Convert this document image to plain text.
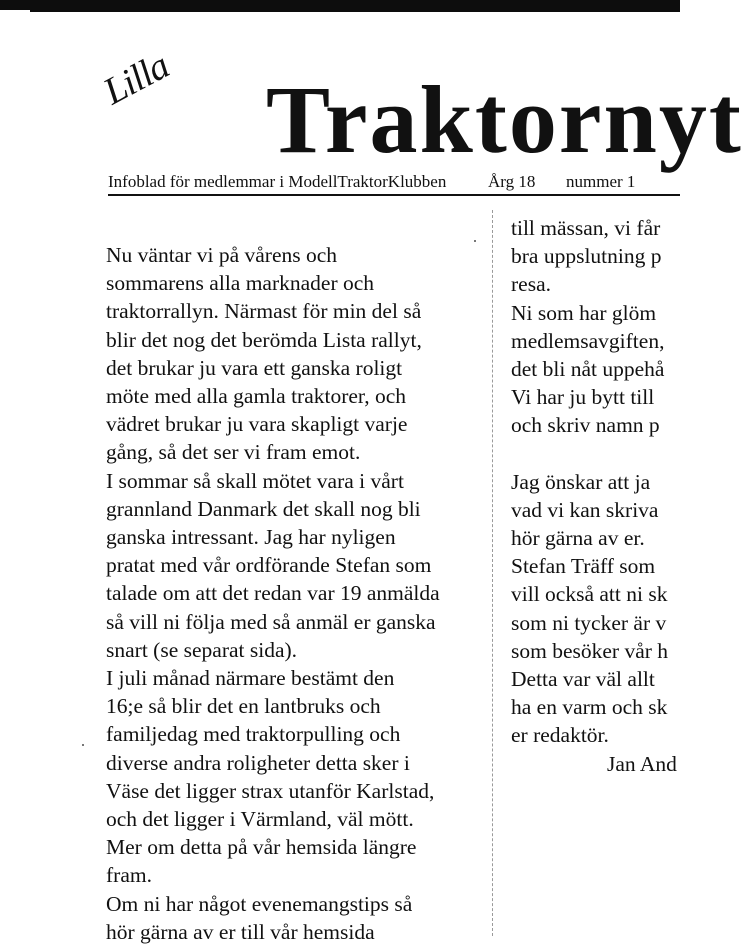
Lilla Traktornyt
Infoblad för medlemmar i ModellTraktorKlubben Årg 18 nummer 1

Nu väntar vi på vårens och

sommarens alla marknader och

traktorrallyn. Närmast för min del så

blir det nog det berömda Lista rallyt,

det brukar ju vara ett ganska roligt

möte med alla gamla traktorer, och

vädret brukar ju vara skapligt varje

gång, så det ser vi fram emot.

I sommar så skall mötet vara i vårt

grannland Danmark det skall nog bli

ganska intressant. Jag har nyligen

pratat med vår ordförande Stefan som

talade om att det redan var 19 anmälda

så vill ni följa med så anmäl er ganska

snart (se separat sida).

I juli månad närmare bestämt den

16;e så blir det en lantbruks och

familjedag med traktorpulling och

diverse andra roligheter detta sker i

Väse det ligger strax utanför Karlstad,

och det ligger i Värmland, väl mött.

Mer om detta på vår hemsida längre

fram.

Om ni har något evenemangstips så

hör gärna av er till vår hemsida

till mässan, vi får

bra uppslutning p

resa.

Ni som har glöm

medlemsavgiften,

det bli nåt uppehå

Vi har ju bytt till

och skriv namn p

Jag önskar att ja

vad vi kan skriva

hör gärna av er.

Stefan Träff som

vill också att ni sk

som ni tycker är v

som besöker vår h

Detta var väl allt

ha en varm och sk

er redaktör.

Jan And
